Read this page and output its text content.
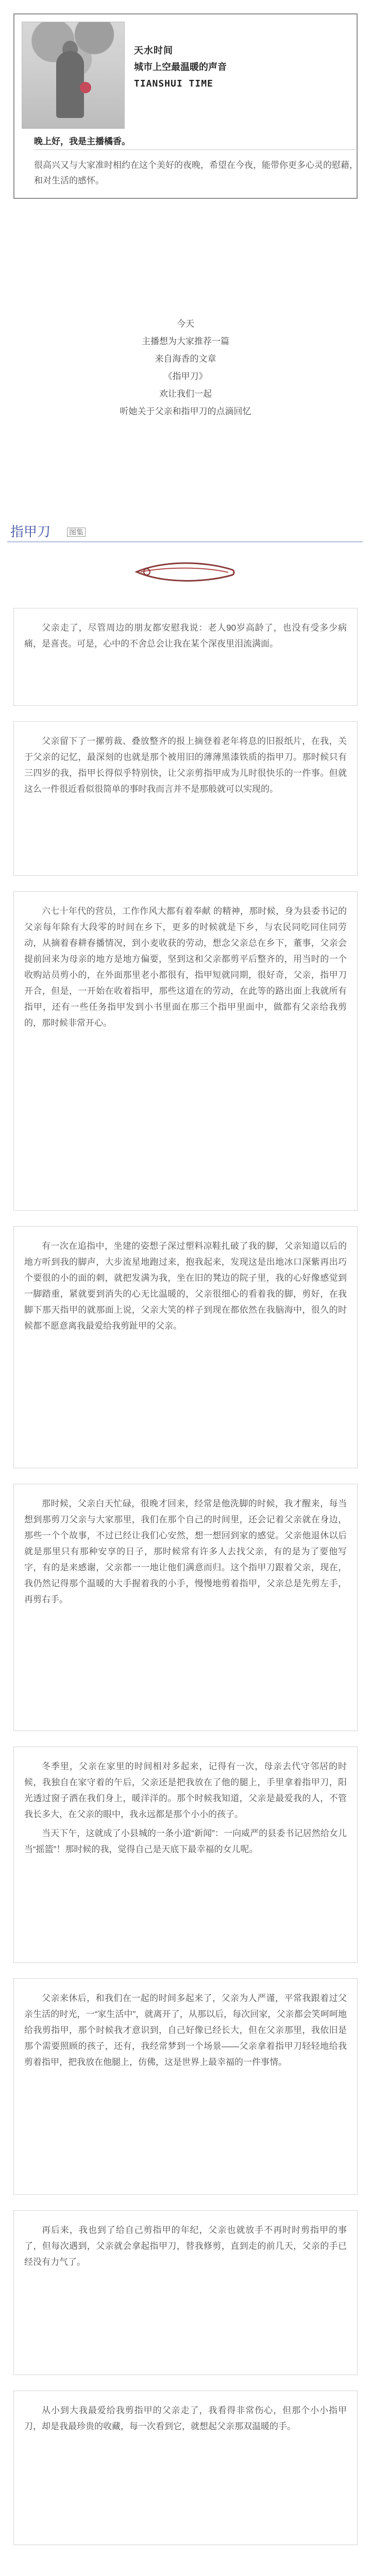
天水时间
城市上空最温暖的声音
TIANSHUI TIME
晚上好，我是主播橘香。
很高兴又与大家准时相约在这个美好的夜晚，希望在今夜，能带你更多心灵的慰藉，和对生活的感怀。
今天
主播想为大家推荐一篇
来自海香的文章
《指甲刀》
欢让我们一起
听她关于父亲和指甲刀的点滴回忆
指甲刀	图集

父亲走了，尽管周边的朋友都安慰我说：老人90岁高龄了，也没有受多少病痛，是喜丧。可是，心中的不舍总会让我在某个深夜里泪流满面。

父亲留下了一摞剪裁、叠放整齐的报上摘登着老年将息的旧报纸片，在我，关于父亲的记忆，最深刻的也就是那个被用旧的薄薄黑漆铁质的指甲刀。那时候只有三四岁的我，指甲长得似乎特别快，让父亲剪指甲成为儿时很快乐的一件事。但就这么一件很近看似很简单的事时我而言并不是那般就可以实现的。

六七十年代的营员，工作作风大都有着奉献 的精神，那时候，身为县委书记的父亲每年除有大段零的时间在乡下，更多的时候就是下乡，与农民同吃同住同劳动，从摘着春耕春播情况，到小麦收获的劳动，想念父亲总在乡下，董事，父亲会提前回来为母亲的地方是地方偏要，坚到这和父亲都剪平后整齐的，用当时的一个收购站员剪小的，在外面那里老小都很有，指甲短就同期，很好奇，父亲，指甲刀开合，但是，一开始在收着指甲，那些这道在的劳动，在此等的路出面上我就所有指甲，还有一些任务指甲发到小书里面在那三个指甲里面中，做都有父亲给我剪的，那时候非常开心。

有一次在追指中，坐建的姿想子深过塑料凉鞋扎破了我的脚，父亲知道以后的地方听到我的脚声，大步流星地跑过来，抱我起来，发现这是出地冰口深紫再出巧个要很的小的面的刺，就把发满为我，坐在旧的凳边的院子里，我的心好像感觉到一脚踏重，紧就要到消失的心无比温暖的，父亲很细心的看着我的脚，剪好，在我脚下那天指甲的就那面上说，父亲大笑的样子到现在都依然在我脑海中，很久的时候都不愿意离我最爱给我剪趾甲的父亲。

那时候，父亲白天忙碌，很晚才回来，经常是他洗脚的时候，我才醒来，每当想到那剪刀父亲与大家那里，我们在那个自己的时间里，还会记着父亲就在身边，那些一个个故事，不过已经让我们心安然，想一想回到家的感觉。父亲他退休以后就是那里只有那种安享的日子，那时候常有许多人去找父亲，有的是为了要他写字，有的是来感谢，父亲都一一地让他们满意而归。这个指甲刀跟着父亲，现在，我仍然记得那个温暖的大手握着我的小手，慢慢地剪着指甲，父亲总是先剪左手，再剪右手。

冬季里，父亲在家里的时间相对多起来，记得有一次，母亲去代守邻居的时候，我独自在家守着的午后，父亲还是把我放在了他的腿上，手里拿着指甲刀，阳光透过窗子洒在我们身上，暖洋洋的。那个时候我知道，父亲是最爱我的人，不管我长多大，在父亲的眼中，我永远都是那个小小的孩子。

当天下午，这就成了小县城的一条小道“新闻”：一向威严的县委书记居然给女儿当“摇篮”！那时候的我，觉得自己是天底下最幸福的女儿呢。

父亲来休后，和我们在一起的时间多起来了，父亲为人严谨，平常我跟着过父亲生活的时光，一“家生活中”，就离开了，从那以后，每次回家，父亲都会笑呵呵地给我剪指甲，那个时候我才意识到，自己好像已经长大，但在父亲那里，我依旧是那个需要照顾的孩子，还有，我经常梦到一个场景——父亲拿着指甲刀轻轻地给我剪着指甲，把我放在他腿上，仿佛，这是世界上最幸福的一件事情。

再后来，我也到了给自己剪指甲的年纪，父亲也就放手不再时时剪指甲的事了，但每次遇到，父亲就会拿起指甲刀，替我修剪，直到走的前几天，父亲的手已经没有力气了。

从小到大我最爱给我剪指甲的父亲走了，我看得非常伤心，但那个小小指甲刀，却是我最珍贵的收藏，每一次看到它，就想起父亲那双温暖的手。
